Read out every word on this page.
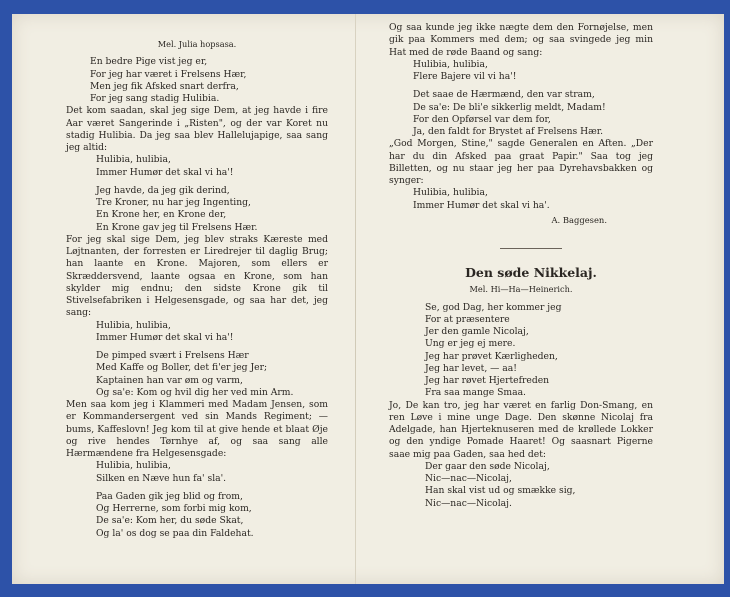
Mel. Julia hopsasa.
En bedre Pige vist jeg er,
For jeg har været i Frelsens Hær,
Men jeg fik Afsked snart derfra,
For jeg sang stadig Hulibia.
Det kom saadan, skal jeg sige Dem, at jeg havde i fire Aar været Sangerinde i „Risten", og der var Koret nu stadig Hulibia. Da jeg saa blev Hallelujapige, saa sang jeg altid:
Hulibia, hulibia,
Immer Humør det skal vi ha'!
Jeg havde, da jeg gik derind,
Tre Kroner, nu har jeg Ingenting,
En Krone her, en Krone der,
En Krone gav jeg til Frelsens Hær.
For jeg skal sige Dem, jeg blev straks Kæreste med Løjtnanten, der forresten er Liredrejer til daglig Brug; han laante en Krone. Majoren, som ellers er Skræddersvend, laante ogsaa en Krone, som han skylder mig endnu; den sidste Krone gik til Stivelsefabriken i Helgesensgade, og saa har det, jeg sang:
Hulibia, hulibia,
Immer Humør det skal vi ha'!
De pimped svært i Frelsens Hær
Med Kaffe og Boller, det fi'er jeg Jer;
Kaptainen han var øm og varm,
Og sa'e: Kom og hvil dig her ved min Arm.
Men saa kom jeg i Klammeri med Madam Jensen, som er Kommandersergent ved sin Mands Regiment; — bums, Kaffeslovn! Jeg kom til at give hende et blaat Øje og rive hendes Tørnhye af, og saa sang alle Hærmændene fra Helgesensgade:
Hulibia, hulibia,
Silken en Næve hun fa' sla'.
Paa Gaden gik jeg blid og from,
Og Herrerne, som forbi mig kom,
De sa'e: Kom her, du søde Skat,
Og la' os dog se paa din Faldehat.
Og saa kunde jeg ikke nægte dem den Fornøjelse, men gik paa Kommers med dem; og saa svingede jeg min Hat med de røde Baand og sang:
Hulibia, hulibia,
Flere Bajere vil vi ha'!
Det saae de Hærmænd, den var stram,
De sa'e: De bli'e sikkerlig meldt, Madam!
For den Opførsel var dem for,
Ja, den faldt for Brystet af Frelsens Hær.
„God Morgen, Stine," sagde Generalen en Aften. „Der har du din Afsked paa graat Papir." Saa tog jeg Billetten, og nu staar jeg her paa Dyrehavsbakken og synger:
Hulibia, hulibia,
Immer Humør det skal vi ha'.
A. Baggesen.
Den søde Nikkelaj.
Mel. Hi—Ha—Heinerich.
Se, god Dag, her kommer jeg
For at præsentere
Jer den gamle Nicolaj,
Ung er jeg ej mere.
Jeg har prøvet Kærligheden,
Jeg har levet, — aa!
Jeg har røvet Hjertefreden
Fra saa mange Smaa.
Jo, De kan tro, jeg har været en farlig Don-Smang, en ren Løve i mine unge Dage. Den skønne Nicolaj fra Adelgade, han Hjerteknuseren med de krøllede Lokker og den yndige Pomade Haaret! Og saasnart Pigerne saae mig paa Gaden, saa hed det:
Der gaar den søde Nicolaj,
Nic—nac—Nicolaj,
Han skal vist ud og smække sig,
Nic—nac—Nicolaj.
